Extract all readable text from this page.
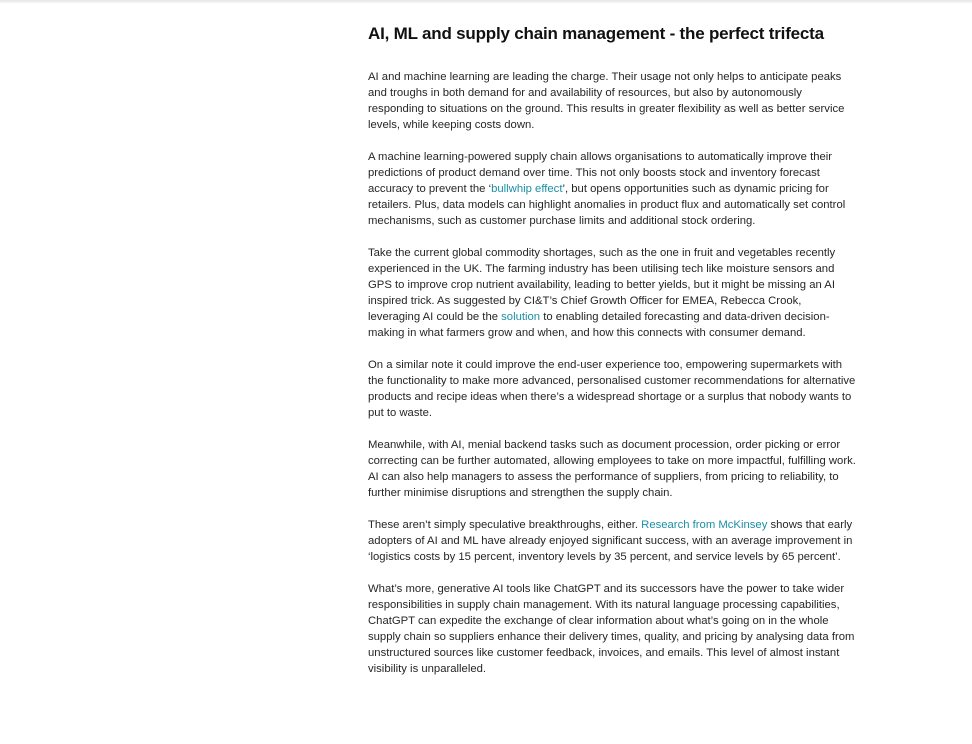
AI, ML and supply chain management - the perfect trifecta

AI and machine learning are leading the charge. Their usage not only helps to anticipate peaks and troughs in both demand for and availability of resources, but also by autonomously responding to situations on the ground. This results in greater flexibility as well as better service levels, while keeping costs down.

A machine learning-powered supply chain allows organisations to automatically improve their predictions of product demand over time. This not only boosts stock and inventory forecast accuracy to prevent the ‘bullwhip effect’, but opens opportunities such as dynamic pricing for retailers. Plus, data models can highlight anomalies in product flux and automatically set control mechanisms, such as customer purchase limits and additional stock ordering.

Take the current global commodity shortages, such as the one in fruit and vegetables recently experienced in the UK. The farming industry has been utilising tech like moisture sensors and GPS to improve crop nutrient availability, leading to better yields, but it might be missing an AI inspired trick. As suggested by CI&T’s Chief Growth Officer for EMEA, Rebecca Crook, leveraging AI could be the solution to enabling detailed forecasting and data-driven decision-making in what farmers grow and when, and how this connects with consumer demand.

On a similar note it could improve the end-user experience too, empowering supermarkets with the functionality to make more advanced, personalised customer recommendations for alternative products and recipe ideas when there’s a widespread shortage or a surplus that nobody wants to put to waste.

Meanwhile, with AI, menial backend tasks such as document procession, order picking or error correcting can be further automated, allowing employees to take on more impactful, fulfilling work. AI can also help managers to assess the performance of suppliers, from pricing to reliability, to further minimise disruptions and strengthen the supply chain.

These aren’t simply speculative breakthroughs, either. Research from McKinsey shows that early adopters of AI and ML have already enjoyed significant success, with an average improvement in ‘logistics costs by 15 percent, inventory levels by 35 percent, and service levels by 65 percent’.

What’s more, generative AI tools like ChatGPT and its successors have the power to take wider responsibilities in supply chain management. With its natural language processing capabilities, ChatGPT can expedite the exchange of clear information about what’s going on in the whole supply chain so suppliers enhance their delivery times, quality, and pricing by analysing data from unstructured sources like customer feedback, invoices, and emails. This level of almost instant visibility is unparalleled.
